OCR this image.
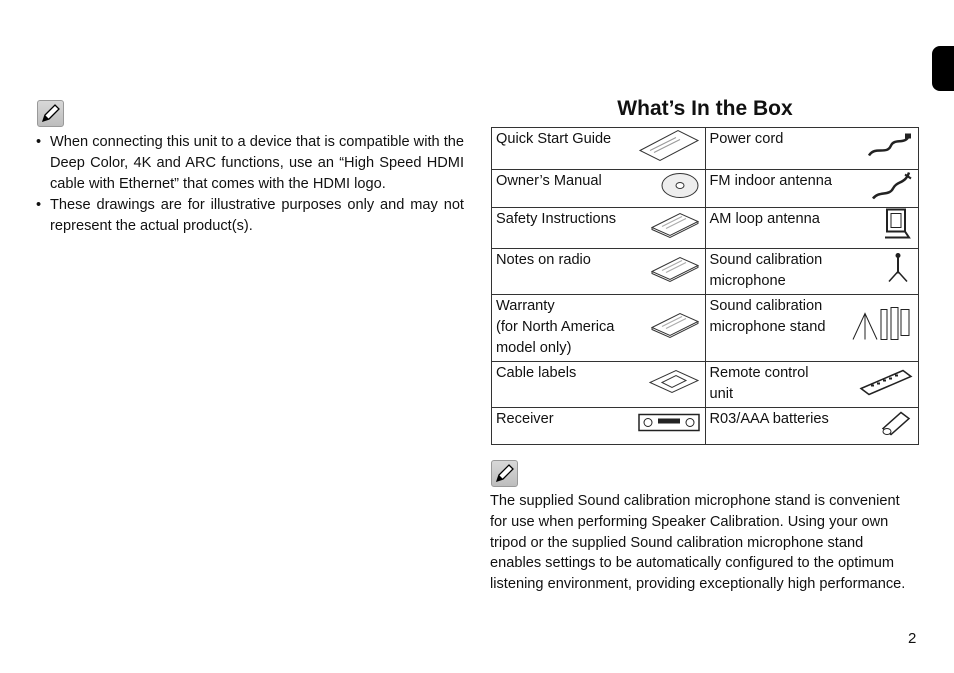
• When connecting this unit to a device that is compatible with the Deep Color, 4K and ARC functions, use an “High Speed HDMI cable with Ethernet” that comes with the HDMI logo.
• These drawings are for illustrative purposes only and may not represent the actual product(s).
What’s In the Box
Quick Start Guide	Power cord

Owner’s Manual	FM indoor antenna

Safety Instructions	AM loop antenna

Notes on radio	Sound calibration
microphone

Warranty
(for North America
model only)	Sound calibration
microphone stand

Cable labels	Remote control
unit

Receiver	R03/AAA batteries

The supplied Sound calibration microphone stand is convenient for use when performing Speaker Calibration. Using your own tripod or the supplied Sound calibration microphone stand enables settings to be automatically configured to the optimum listening environment, providing exceptionally high performance.

2
